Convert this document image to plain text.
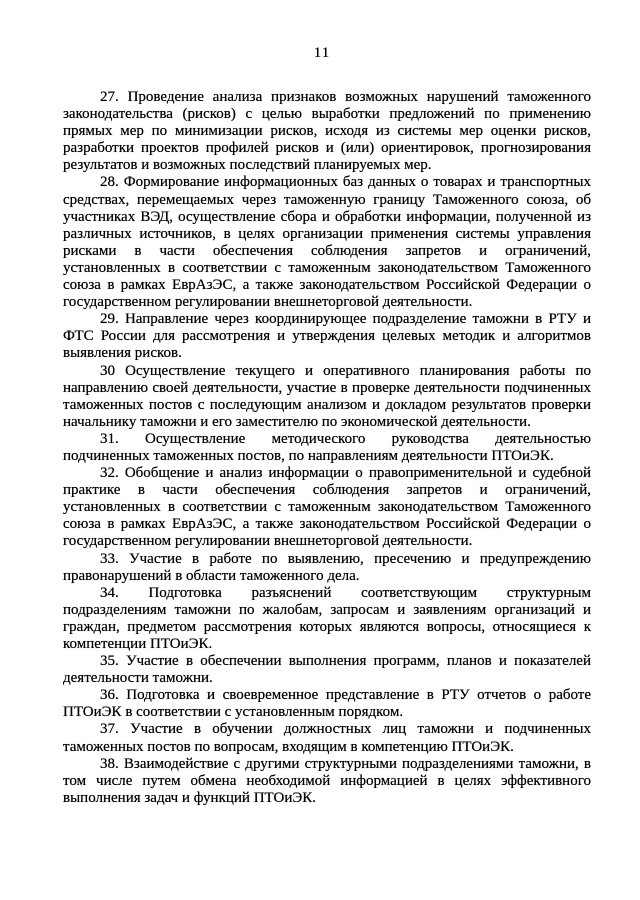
11

27. Проведение анализа признаков возможных нарушений таможенного законодательства (рисков) с целью выработки предложений по применению прямых мер по минимизации рисков, исходя из системы мер оценки рисков, разработки проектов профилей рисков и (или) ориентировок, прогнозирования результатов и возможных последствий планируемых мер.

28. Формирование информационных баз данных о товарах и транспортных средствах, перемещаемых через таможенную границу Таможенного союза, об участниках ВЭД, осуществление сбора и обработки информации, полученной из различных источников, в целях организации применения системы управления рисками в части обеспечения соблюдения запретов и ограничений, установленных в соответствии с таможенным законодательством Таможенного союза в рамках ЕврАзЭС, а также законодательством Российской Федерации о государственном регулировании внешнеторговой деятельности.

29. Направление через координирующее подразделение таможни в РТУ и ФТС России для рассмотрения и утверждения целевых методик и алгоритмов выявления рисков.

30 Осуществление текущего и оперативного планирования работы по направлению своей деятельности, участие в проверке деятельности подчиненных таможенных постов с последующим анализом и докладом результатов проверки начальнику таможни и его заместителю по экономической деятельности.

31. Осуществление методического руководства деятельностью подчиненных таможенных постов, по направлениям деятельности ПТОиЭК.

32. Обобщение и анализ информации о правоприменительной и судебной практике в части обеспечения соблюдения запретов и ограничений, установленных в соответствии с таможенным законодательством Таможенного союза в рамках ЕврАзЭС, а также законодательством Российской Федерации о государственном регулировании внешнеторговой деятельности.

33. Участие в работе по выявлению, пресечению и предупреждению правонарушений в области таможенного дела.

34. Подготовка разъяснений соответствующим структурным подразделениям таможни по жалобам, запросам и заявлениям организаций и граждан, предметом рассмотрения которых являются вопросы, относящиеся к компетенции ПТОиЭК.

35. Участие в обеспечении выполнения программ, планов и показателей деятельности таможни.

36. Подготовка и своевременное представление в РТУ отчетов о работе ПТОиЭК в соответствии с установленным порядком.

37. Участие в обучении должностных лиц таможни и подчиненных таможенных постов по вопросам, входящим в компетенцию ПТОиЭК.

38. Взаимодействие с другими структурными подразделениями таможни, в том числе путем обмена необходимой информацией в целях эффективного выполнения задач и функций ПТОиЭК.
